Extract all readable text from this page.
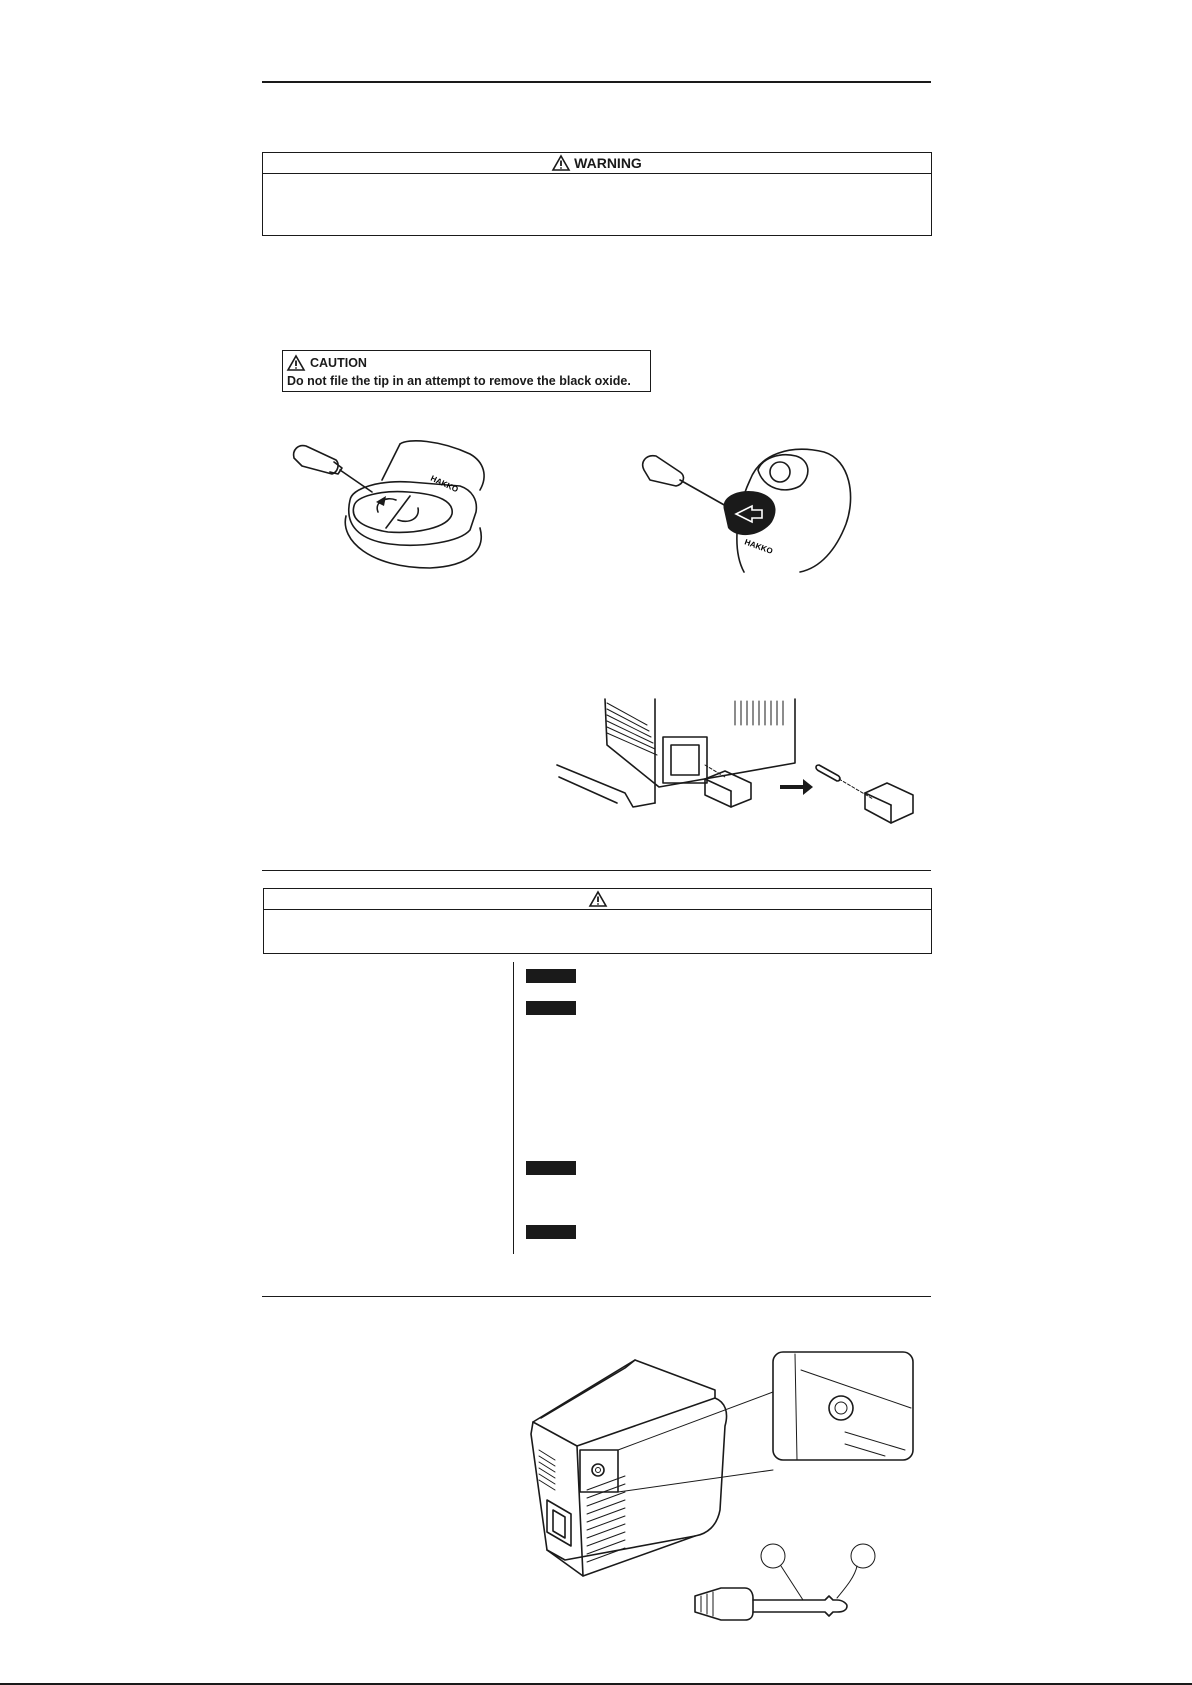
WARNING
CAUTION
Do not file the tip in an attempt to remove the black oxide.
HAKKO
HAKKO
